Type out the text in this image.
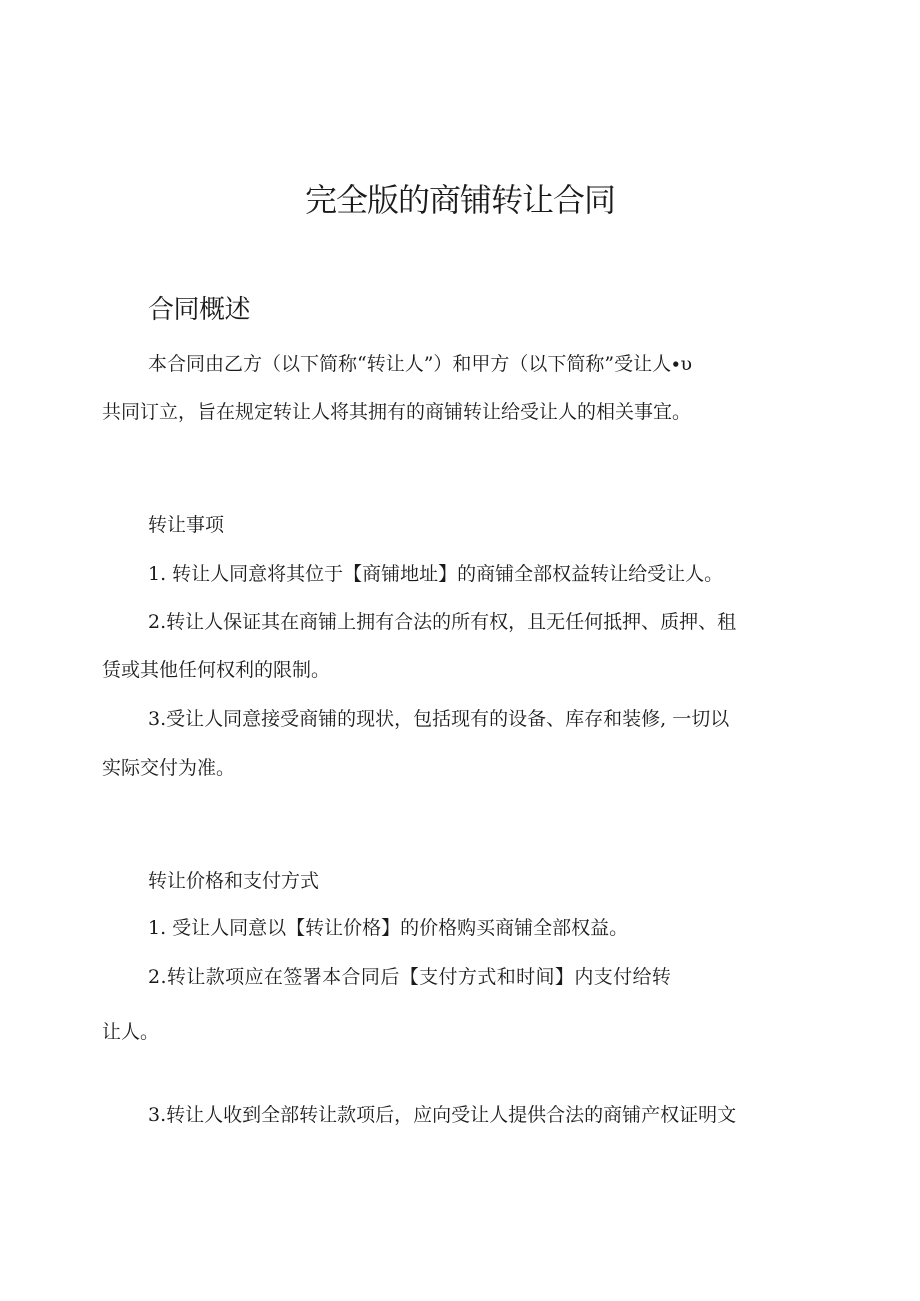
完全版的商铺转让合同
合同概述
本合同由乙方（以下简称“转让人”）和甲方（以下简称”受让人∙υ
共同订立，旨在规定转让人将其拥有的商铺转让给受让人的相关事宜。
转让事项
1. 转让人同意将其位于【商铺地址】的商铺全部权益转让给受让人。
2.转让人保证其在商铺上拥有合法的所有权，且无任何抵押、质押、租
赁或其他任何权利的限制。
3.受让人同意接受商铺的现状，包括现有的设备、库存和装修, 一切以
实际交付为准。
转让价格和支付方式
1. 受让人同意以【转让价格】的价格购买商铺全部权益。
2.转让款项应在签署本合同后【支付方式和时间】内支付给转
让人。
3.转让人收到全部转让款项后，应向受让人提供合法的商铺产权证明文
